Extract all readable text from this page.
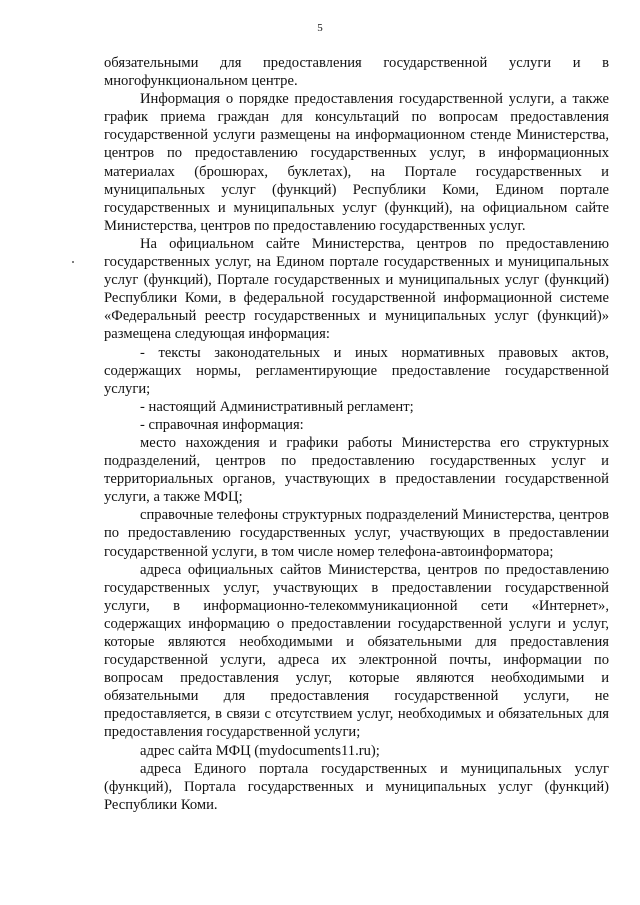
5

обязательными для предоставления государственной услуги и в многофункциональном центре.

Информация о порядке предоставления государственной услуги, а также график приема граждан для консультаций по вопросам предоставления государственной услуги размещены на информационном стенде Министерства, центров по предоставлению государственных услуг, в информационных материалах (брошюрах, буклетах), на Портале государственных и муниципальных услуг (функций) Республики Коми, Едином портале государственных и муниципальных услуг (функций), на официальном сайте Министерства, центров по предоставлению государственных услуг.

На официальном сайте Министерства, центров по предоставлению государственных услуг, на Едином портале государственных и муниципальных услуг (функций), Портале государственных и муниципальных услуг (функций) Республики Коми, в федеральной государственной информационной системе «Федеральный реестр государственных и муниципальных услуг (функций)» размещена следующая информация:

- тексты законодательных и иных нормативных правовых актов, содержащих нормы, регламентирующие предоставление государственной услуги;

- настоящий Административный регламент;

- справочная информация:

место нахождения и графики работы Министерства его структурных подразделений, центров по предоставлению государственных услуг и территориальных органов, участвующих в предоставлении государственной услуги, а также МФЦ;

справочные телефоны структурных подразделений Министерства, центров по предоставлению государственных услуг, участвующих в предоставлении государственной услуги, в том числе номер телефона-автоинформатора;

адреса официальных сайтов Министерства, центров по предоставлению государственных услуг, участвующих в предоставлении государственной услуги, в информационно-телекоммуникационной сети «Интернет», содержащих информацию о предоставлении государственной услуги и услуг, которые являются необходимыми и обязательными для предоставления государственной услуги, адреса их электронной почты, информации по вопросам предоставления услуг, которые являются необходимыми и обязательными для предоставления государственной услуги, не предоставляется, в связи с отсутствием услуг, необходимых и обязательных для предоставления государственной услуги;

адрес сайта МФЦ (mydocuments11.ru);

адреса Единого портала государственных и муниципальных услуг (функций), Портала государственных и муниципальных услуг (функций) Республики Коми.
